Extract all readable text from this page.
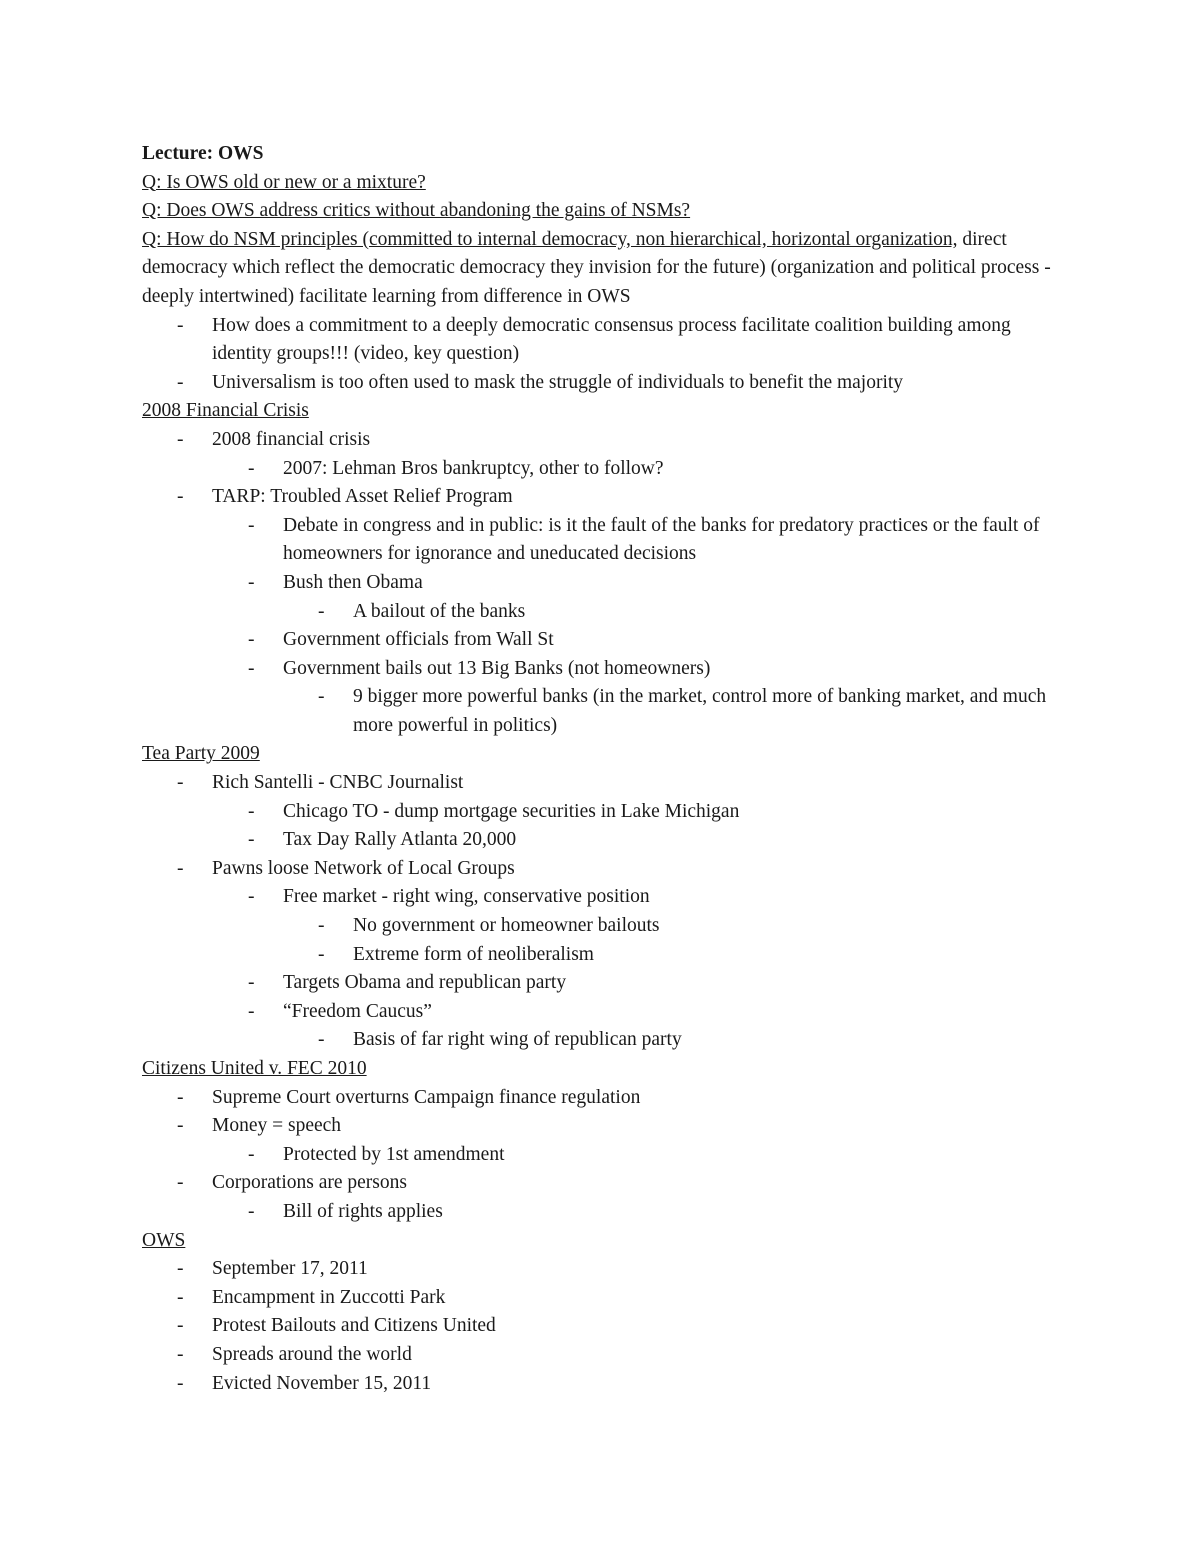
Lecture: OWS
Q: Is OWS old or new or a mixture?
Q: Does OWS address critics without abandoning the gains of NSMs?
Q: How do NSM principles (committed to internal democracy, non hierarchical, horizontal organization, direct democracy which reflect the democratic democracy they invision for the future) (organization and political process - deeply intertwined) facilitate learning from difference in OWS
- How does a commitment to a deeply democratic consensus process facilitate coalition building among identity groups!!! (video, key question)
- Universalism is too often used to mask the struggle of individuals to benefit the majority
2008 Financial Crisis
- 2008 financial crisis
- 2007: Lehman Bros bankruptcy, other to follow?
- TARP: Troubled Asset Relief Program
- Debate in congress and in public: is it the fault of the banks for predatory practices or the fault of homeowners for ignorance and uneducated decisions
- Bush then Obama
- A bailout of the banks
- Government officials from Wall St
- Government bails out 13 Big Banks (not homeowners)
- 9 bigger more powerful banks (in the market, control more of banking market, and much more powerful in politics)
Tea Party 2009
- Rich Santelli - CNBC Journalist
- Chicago TO - dump mortgage securities in Lake Michigan
- Tax Day Rally Atlanta 20,000
- Pawns loose Network of Local Groups
- Free market - right wing, conservative position
- No government or homeowner bailouts
- Extreme form of neoliberalism
- Targets Obama and republican party
- “Freedom Caucus”
- Basis of far right wing of republican party
Citizens United v. FEC 2010
- Supreme Court overturns Campaign finance regulation
- Money = speech
- Protected by 1st amendment
- Corporations are persons
- Bill of rights applies
OWS
- September 17, 2011
- Encampment in Zuccotti Park
- Protest Bailouts and Citizens United
- Spreads around the world
- Evicted November 15, 2011
